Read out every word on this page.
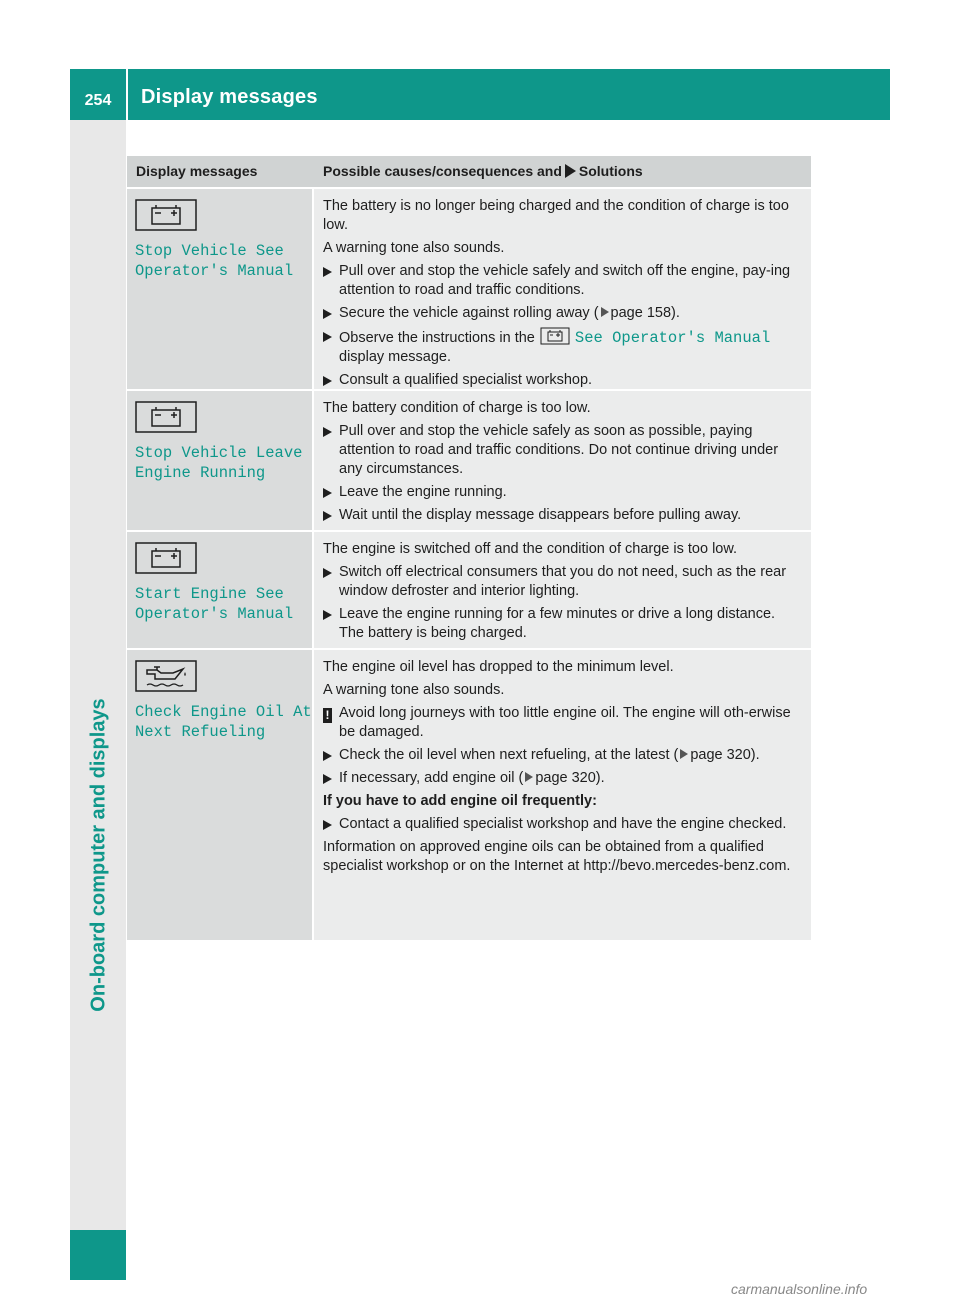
254	Display messages
On-board computer and displays
Display messages	Possible causes/consequences and Solutions
Stop Vehicle See
Operator's Manual

The battery is no longer being charged and the condition of charge is too low.

A warning tone also sounds.

Pull over and stop the vehicle safely and switch off the engine, pay-ing attention to road and traffic conditions.
Secure the vehicle against rolling away ( page 158).
Observe the instructions in the	See Operator's Manual
display message.
Consult a qualified specialist workshop.
Stop Vehicle Leave
Engine Running

The battery condition of charge is too low.

Pull over and stop the vehicle safely as soon as possible, paying attention to road and traffic conditions. Do not continue driving under any circumstances.
Leave the engine running.
Wait until the display message disappears before pulling away.
Start Engine See
Operator's Manual

The engine is switched off and the condition of charge is too low.

Switch off electrical consumers that you do not need, such as the rear window defroster and interior lighting.
Leave the engine running for a few minutes or drive a long distance. The battery is being charged.
Check Engine Oil At
Next Refueling

The engine oil level has dropped to the minimum level.

A warning tone also sounds.

! Avoid long journeys with too little engine oil. The engine will oth-erwise be damaged.
Check the oil level when next refueling, at the latest ( page 320).
If necessary, add engine oil ( page 320).

If you have to add engine oil frequently:

Contact a qualified specialist workshop and have the engine checked.

Information on approved engine oils can be obtained from a qualified specialist workshop or on the Internet at http://bevo.mercedes-benz.com.

carmanualsonline.info
